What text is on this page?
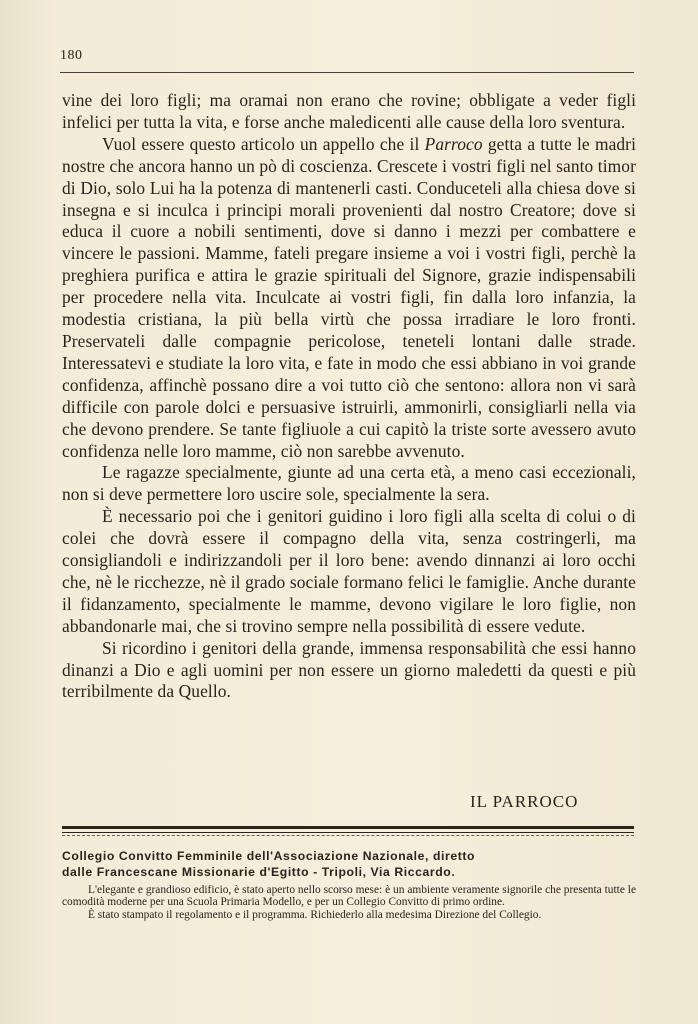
180

vine dei loro figli; ma oramai non erano che rovine; obbligate a veder figli infelici per tutta la vita, e forse anche maledicenti alle cause della loro sventura.

Vuol essere questo articolo un appello che il Parroco getta a tutte le madri nostre che ancora hanno un pò di coscienza. Crescete i vostri figli nel santo timor di Dio, solo Lui ha la potenza di mantenerli casti. Conduceteli alla chiesa dove si insegna e si inculca i principi morali provenienti dal nostro Creatore; dove si educa il cuore a nobili sentimenti, dove si danno i mezzi per combattere e vincere le passioni. Mamme, fateli pregare insieme a voi i vostri figli, perchè la preghiera purifica e attira le grazie spirituali del Signore, grazie indispensabili per procedere nella vita. Inculcate ai vostri figli, fin dalla loro infanzia, la modestia cristiana, la più bella virtù che possa irradiare le loro fronti. Preservateli dalle compagnie pericolose, teneteli lontani dalle strade. Interessatevi e studiate la loro vita, e fate in modo che essi abbiano in voi grande confidenza, affinchè possano dire a voi tutto ciò che sentono: allora non vi sarà difficile con parole dolci e persuasive istruirli, ammonirli, consigliarli nella via che devono prendere. Se tante figliuole a cui capitò la triste sorte avessero avuto confidenza nelle loro mamme, ciò non sarebbe avvenuto.

Le ragazze specialmente, giunte ad una certa età, a meno casi eccezionali, non si deve permettere loro uscire sole, specialmente la sera.

È necessario poi che i genitori guidino i loro figli alla scelta di colui o di colei che dovrà essere il compagno della vita, senza costringerli, ma consigliandoli e indirizzandoli per il loro bene: avendo dinnanzi ai loro occhi che, nè le ricchezze, nè il grado sociale formano felici le famiglie. Anche durante il fidanzamento, specialmente le mamme, devono vigilare le loro figlie, non abbandonarle mai, che si trovino sempre nella possibilità di essere vedute.

Si ricordino i genitori della grande, immensa responsabilità che essi hanno dinanzi a Dio e agli uomini per non essere un giorno maledetti da questi e più terribilmente da Quello.

IL PARROCO
Collegio Convitto Femminile dell'Associazione Nazionale, diretto
dalle Francescane Missionarie d'Egitto - Tripoli, Via Riccardo.

L'elegante e grandioso edificio, è stato aperto nello scorso mese: è un ambiente veramente signorile che presenta tutte le comodità moderne per una Scuola Primaria Modello, e per un Collegio Convitto di primo ordine.

È stato stampato il regolamento e il programma. Richiederlo alla medesima Direzione del Collegio.
